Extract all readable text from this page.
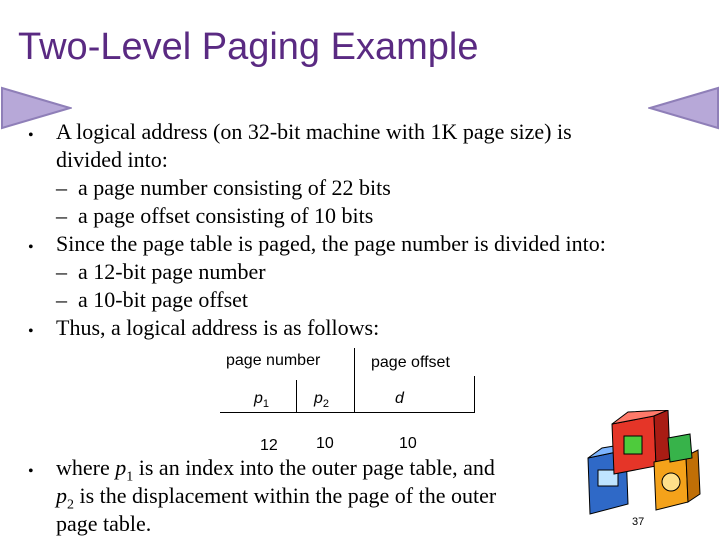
Two-Level Paging Example
• A logical address (on 32-bit machine with 1K page size) is
divided into:
– a page number consisting of 22 bits
– a page offset consisting of 10 bits
• Since the page table is paged, the page number is divided into:
– a 12-bit page number
– a 10-bit page offset
• Thus, a logical address is as follows:
• where $p_1$ is an index into the outer page table, and
$p_2$ is the displacement within the page of the outer
page table.
page number	page offset
$p_1$	$p_2$	d
12 10	10
37
